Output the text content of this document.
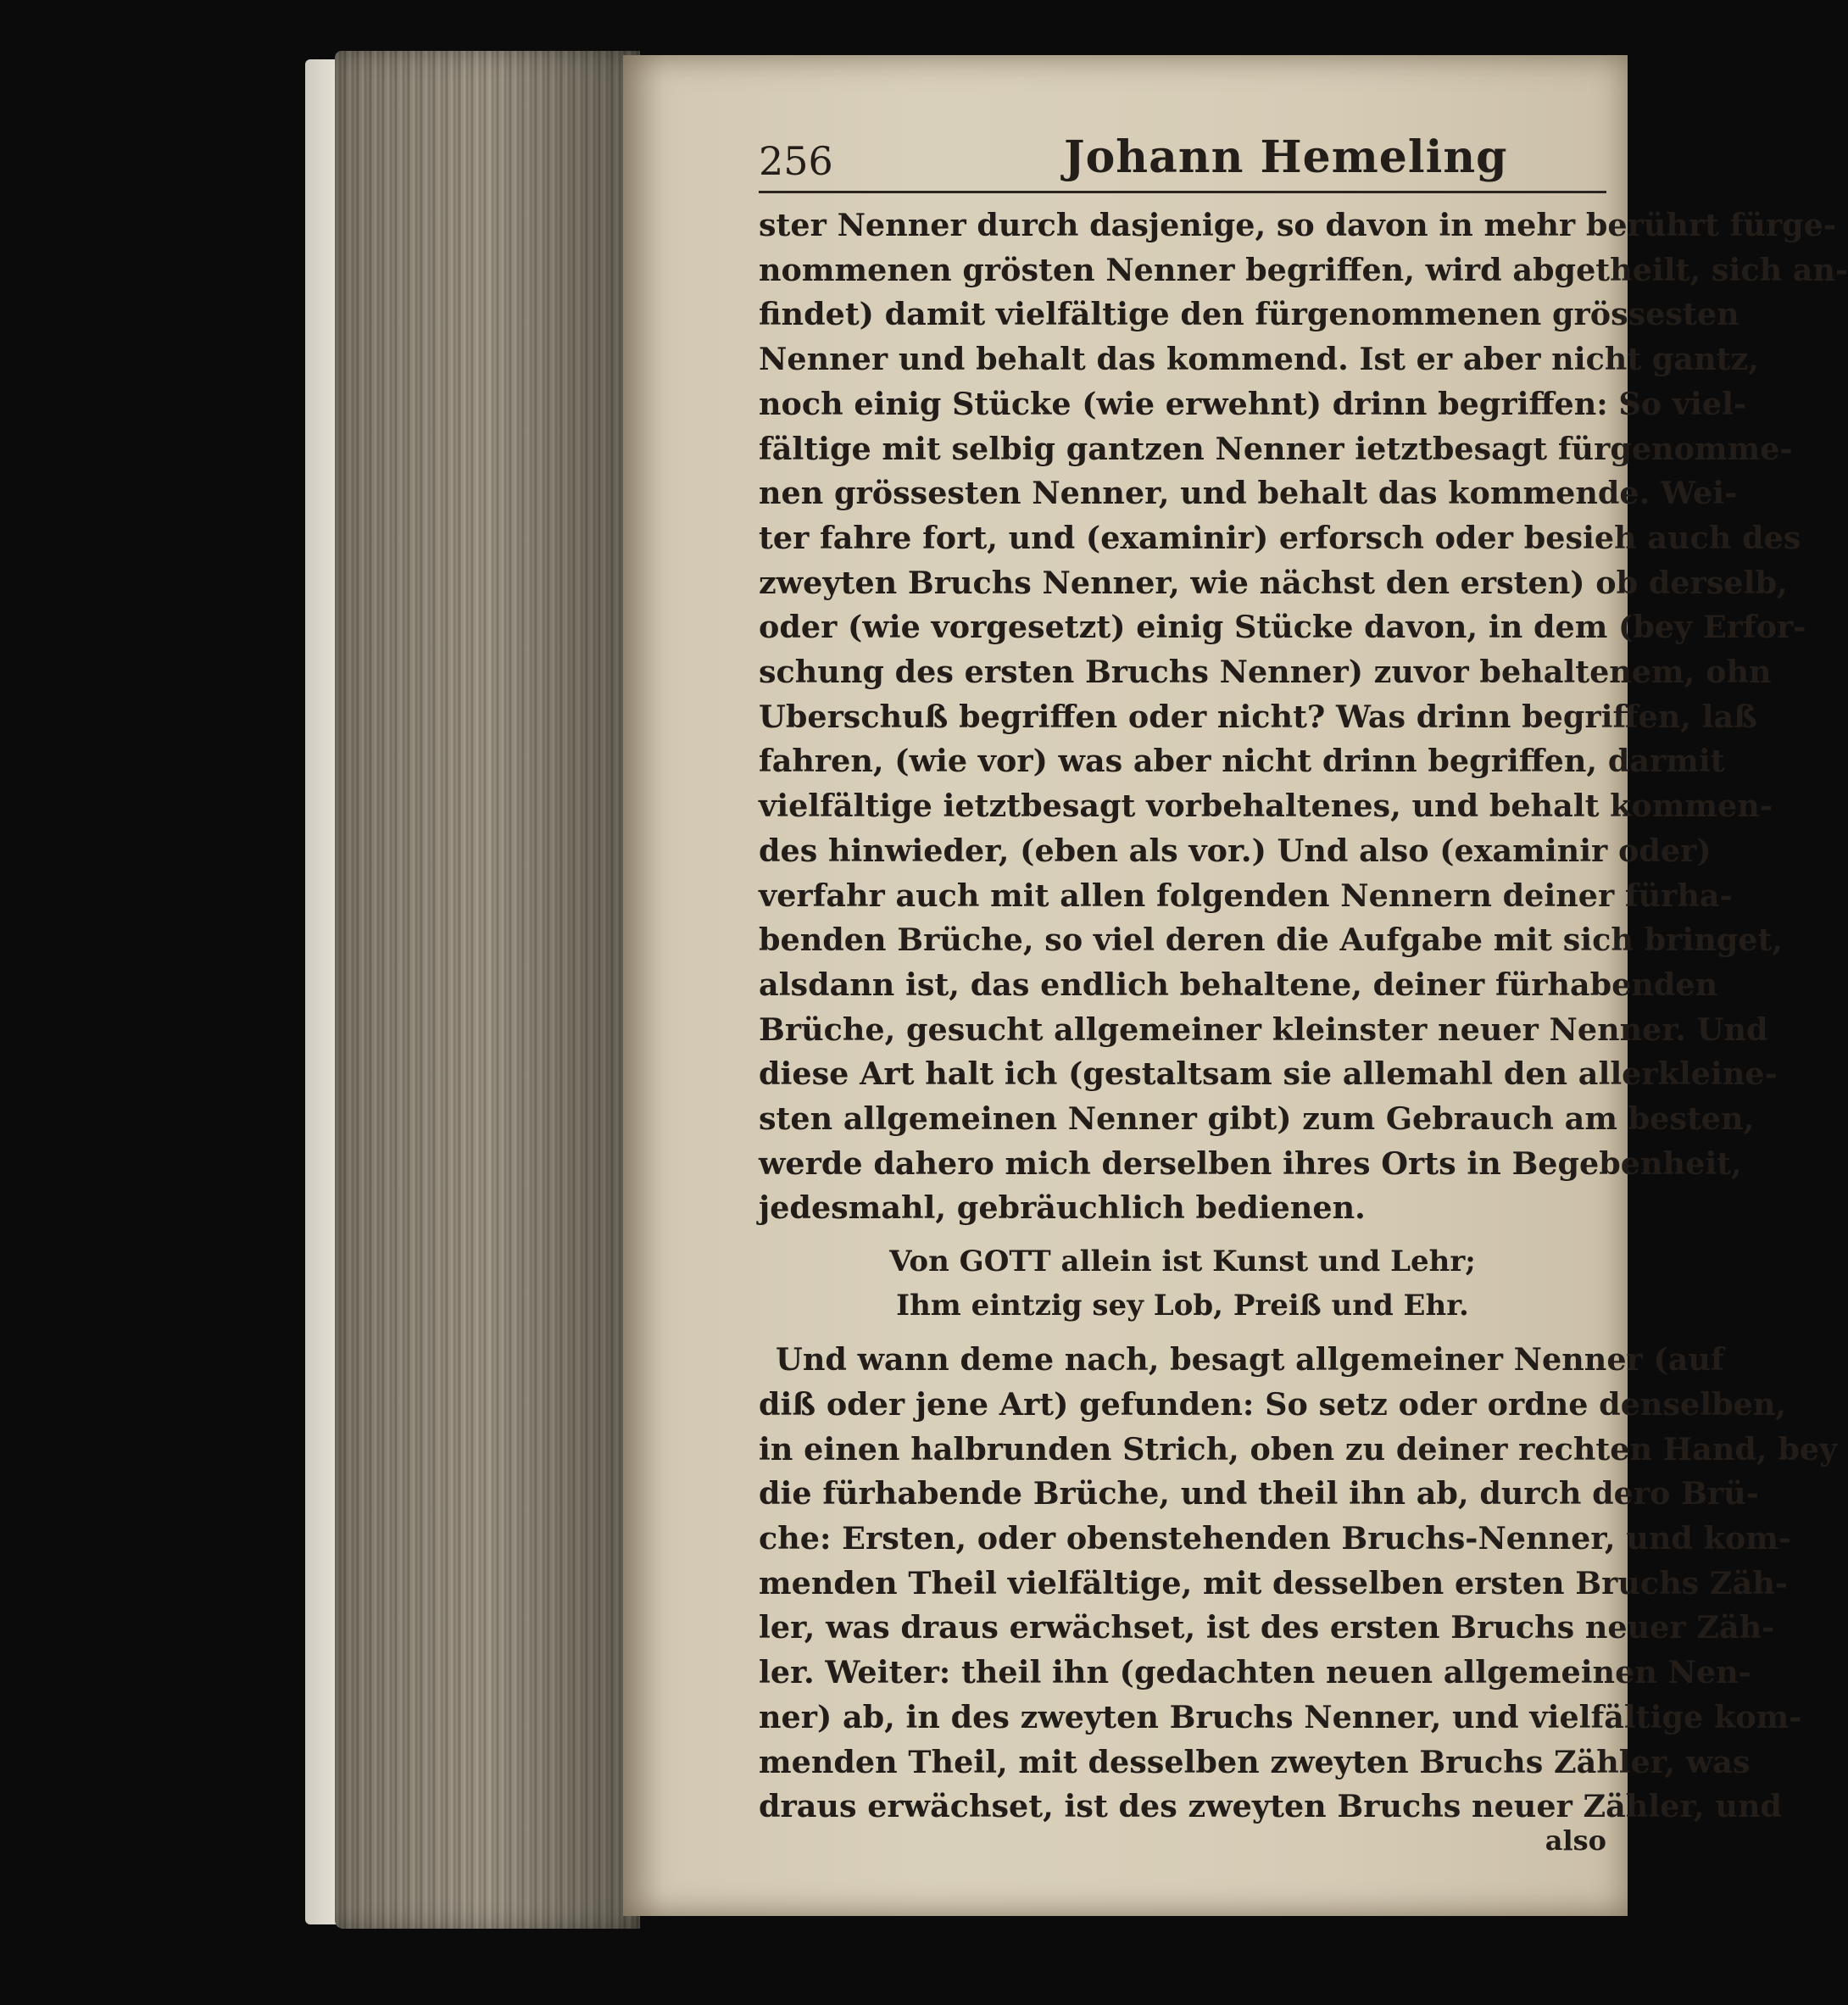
256	Johann Hemeling
ster Nenner durch dasjenige, so davon in mehr berührt fürge-
nommenen grösten Nenner begriffen, wird abgetheilt, sich an-
findet) damit vielfältige den fürgenommenen grössesten
Nenner und behalt das kommend. Ist er aber nicht gantz,
noch einig Stücke (wie erwehnt) drinn begriffen: So viel-
fältige mit selbig gantzen Nenner ietztbesagt fürgenomme-
nen grössesten Nenner, und behalt das kommende. Wei-
ter fahre fort, und (examinir) erforsch oder besieh auch des
zweyten Bruchs Nenner, wie nächst den ersten) ob derselb,
oder (wie vorgesetzt) einig Stücke davon, in dem (bey Erfor-
schung des ersten Bruchs Nenner) zuvor behaltenem, ohn
Uberschuß begriffen oder nicht? Was drinn begriffen, laß
fahren, (wie vor) was aber nicht drinn begriffen, darmit
vielfältige ietztbesagt vorbehaltenes, und behalt kommen-
des hinwieder, (eben als vor.) Und also (examinir oder)
verfahr auch mit allen folgenden Nennern deiner fürha-
benden Brüche, so viel deren die Aufgabe mit sich bringet,
alsdann ist, das endlich behaltene, deiner fürhabenden
Brüche, gesucht allgemeiner kleinster neuer Nenner. Und
diese Art halt ich (gestaltsam sie allemahl den allerkleine-
sten allgemeinen Nenner gibt) zum Gebrauch am besten,
werde dahero mich derselben ihres Orts in Begebenheit,
jedesmahl, gebräuchlich bedienen.
Von GOTT allein ist Kunst und Lehr;
Ihm eintzig sey Lob, Preiß und Ehr.
Und wann deme nach, besagt allgemeiner Nenner (auf
diß oder jene Art) gefunden: So setz oder ordne denselben,
in einen halbrunden Strich, oben zu deiner rechten Hand, bey
die fürhabende Brüche, und theil ihn ab, durch dero Brü-
che: Ersten, oder obenstehenden Bruchs-Nenner, und kom-
menden Theil vielfältige, mit desselben ersten Bruchs Zäh-
ler, was draus erwächset, ist des ersten Bruchs neuer Zäh-
ler. Weiter: theil ihn (gedachten neuen allgemeinen Nen-
ner) ab, in des zweyten Bruchs Nenner, und vielfältige kom-
menden Theil, mit desselben zweyten Bruchs Zähler, was
draus erwächset, ist des zweyten Bruchs neuer Zähler, und
also
